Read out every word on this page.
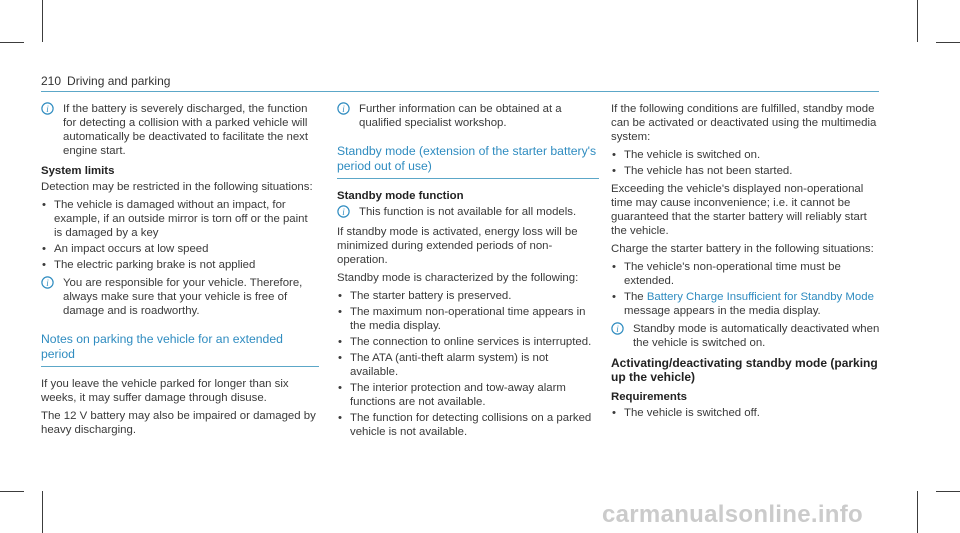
210 Driving and parking
i If the battery is severely discharged, the function for detecting a collision with a parked vehicle will automatically be deactivated to facilitate the next engine start.
System limits

Detection may be restricted in the following situations:

• The vehicle is damaged without an impact, for example, if an outside mirror is torn off or the paint is damaged by a key
• An impact occurs at low speed
• The electric parking brake is not applied
i You are responsible for your vehicle. Therefore, always make sure that your vehicle is free of damage and is roadworthy.
Notes on parking the vehicle for an extended period

If you leave the vehicle parked for longer than six weeks, it may suffer damage through disuse.

The 12 V battery may also be impaired or damaged by heavy discharging.

i Further information can be obtained at a qualified specialist workshop.
Standby mode (extension of the starter battery's period out of use)
Standby mode function
i This function is not available for all models.

If standby mode is activated, energy loss will be minimized during extended periods of non-operation.

Standby mode is characterized by the following:

• The starter battery is preserved.
• The maximum non-operational time appears in the media display.
• The connection to online services is interrupted.
• The ATA (anti-theft alarm system) is not available.
• The interior protection and tow-away alarm functions are not available.
• The function for detecting collisions on a parked vehicle is not available.

If the following conditions are fulfilled, standby mode can be activated or deactivated using the multimedia system:

• The vehicle is switched on.
• The vehicle has not been started.

Exceeding the vehicle's displayed non-operational time may cause inconvenience; i.e. it cannot be guaranteed that the starter battery will reliably start the vehicle.

Charge the starter battery in the following situations:

• The vehicle's non-operational time must be extended.
• The Battery Charge Insufficient for Standby Mode message appears in the media display.
i Standby mode is automatically deactivated when the vehicle is switched on.
Activating/deactivating standby mode (parking up the vehicle)
Requirements
• The vehicle is switched off.
carmanualsonline.info
